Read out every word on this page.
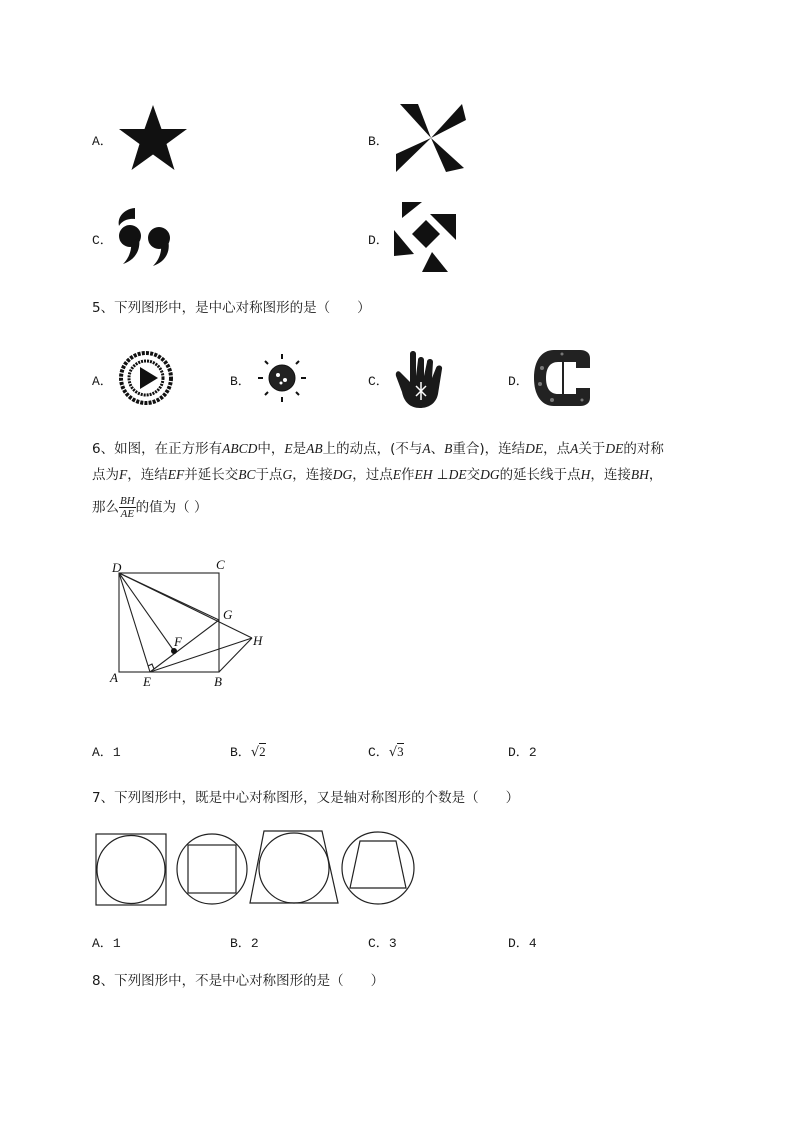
A．	B．
C．	D．
5、下列图形中，是中心对称图形的是（　　）
A．	B．	C．	D．
6、如图，在正方形有ABCD中，E是AB上的动点，(不与A、B重合)，连结DE，点A关于DE的对称
点为F，连结EF并延长交BC于点G，连接DG，过点E作EH ⊥DE交DG的延长线于点H，连接BH，
那么 $\frac{BH}{AE}$ 的值为（ ）
D	C
G
F	H
A E	B
A．1	B．√2	C．√3	D．2
7、下列图形中，既是中心对称图形，又是轴对称图形的个数是（　　）
A．1	B．2	C．3	D．4
8、下列图形中，不是中心对称图形的是（　　）
